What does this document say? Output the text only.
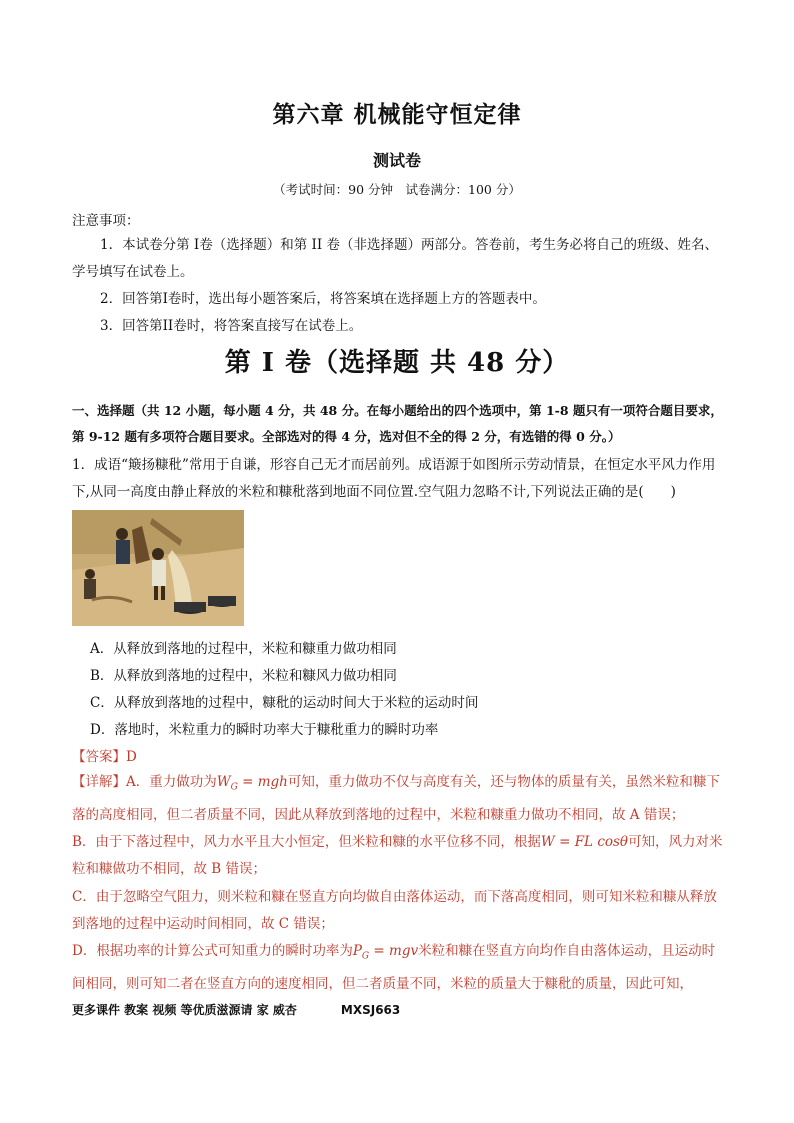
第六章 机械能守恒定律
测试卷
（考试时间：90 分钟　试卷满分：100 分）
注意事项：
1．本试卷分第 I卷（选择题）和第 II 卷（非选择题）两部分。答卷前，考生务必将自己的班级、姓名、学号填写在试卷上。
2．回答第I卷时，选出每小题答案后，将答案填在选择题上方的答题表中。
3．回答第II卷时，将答案直接写在试卷上。
第 I 卷（选择题 共 48 分）
一、选择题（共 12 小题，每小题 4 分，共 48 分。在每小题给出的四个选项中，第 1-8 题只有一项符合题目要求，第 9-12 题有多项符合题目要求。全部选对的得 4 分，选对但不全的得 2 分，有选错的得 0 分。）
1．成语“簸扬糠秕”常用于自谦，形容自己无才而居前列。成语源于如图所示劳动情景，在恒定水平风力作用下,从同一高度由静止释放的米粒和糠秕落到地面不同位置.空气阻力忽略不计,下列说法正确的是(　　)
A．从释放到落地的过程中，米粒和糠重力做功相同
B．从释放到落地的过程中，米粒和糠风力做功相同
C．从释放到落地的过程中，糠秕的运动时间大于米粒的运动时间
D．落地时，米粒重力的瞬时功率大于糠秕重力的瞬时功率
【答案】D

【详解】A．重力做功为$W_G$ = mgh可知，重力做功不仅与高度有关，还与物体的质量有关，虽然米粒和糠下落的高度相同，但二者质量不同，因此从释放到落地的过程中，米粒和糠重力做功不相同，故 A 错误；

B．由于下落过程中，风力水平且大小恒定，但米粒和糠的水平位移不同，根据W = FL cosθ可知，风力对米粒和糠做功不相同，故 B 错误；

C．由于忽略空气阻力，则米粒和糠在竖直方向均做自由落体运动，而下落高度相同，则可知米粒和糠从释放到落地的过程中运动时间相同，故 C 错误；

D．根据功率的计算公式可知重力的瞬时功率为$P_G$ = mgv米粒和糠在竖直方向均作自由落体运动，且运动时间相同，则可知二者在竖直方向的速度相同，但二者质量不同，米粒的质量大于糠秕的质量，因此可知，

更多课件 教案 视频 等优质滋源请 家 威杏	MXSJ663
